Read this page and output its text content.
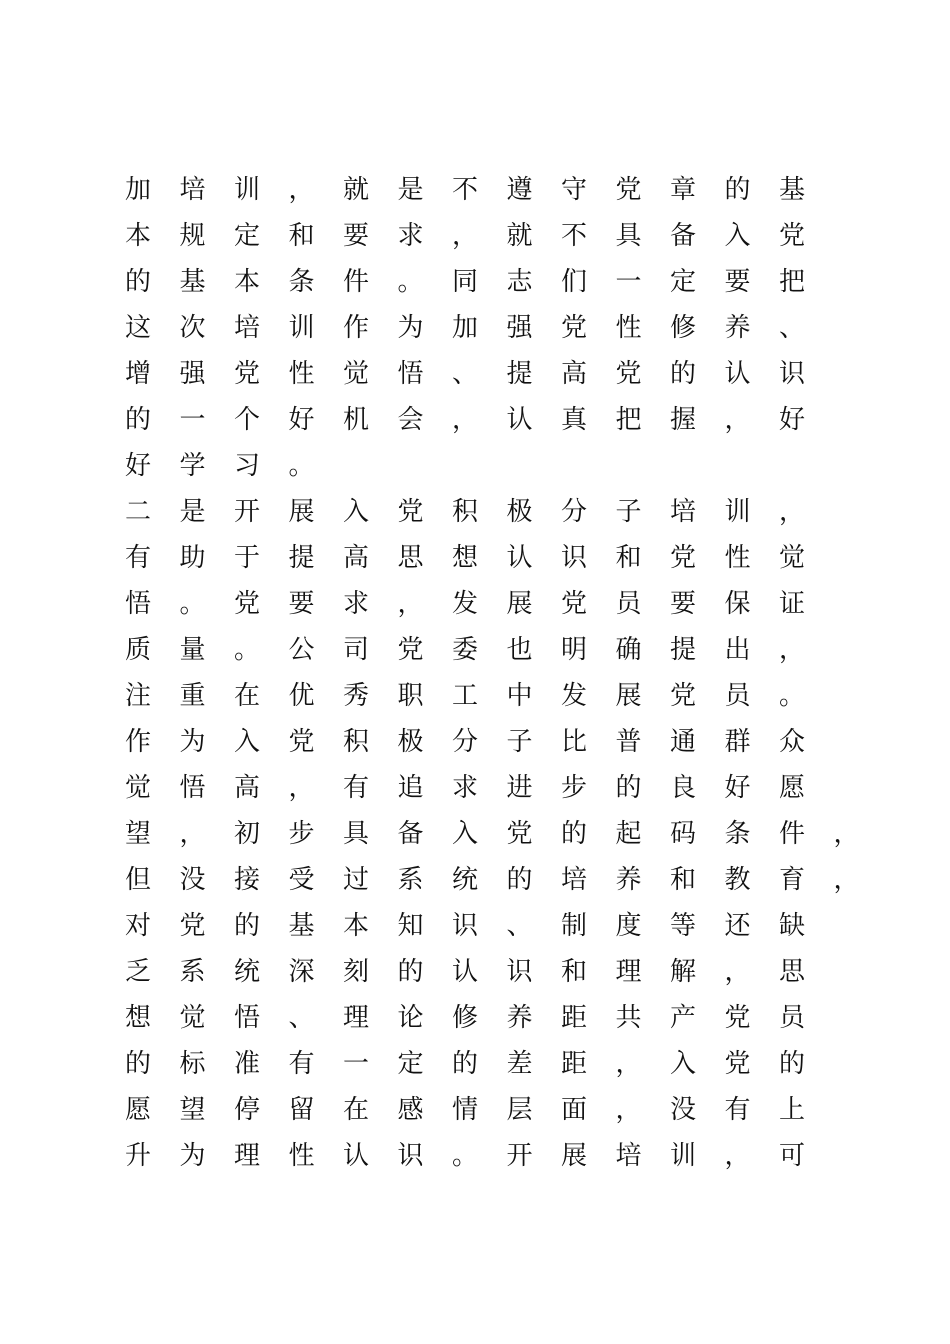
加 培 训 ， 就 是 不 遵 守 党 章 的 基
本 规 定 和 要 求 ， 就 不 具 备 入 党
的 基 本 条 件 。 同 志 们 一 定 要 把
这 次 培 训 作 为 加 强 党 性 修 养 、
增 强 党 性 觉 悟 、 提 高 党 的 认 识
的 一 个 好 机 会 ， 认 真 把 握 ， 好
好 学 习 。
二 是 开 展 入 党 积 极 分 子 培 训 ，
有 助 于 提 高 思 想 认 识 和 党 性 觉
悟 。 党 要 求 ， 发 展 党 员 要 保 证
质 量 。 公 司 党 委 也 明 确 提 出 ，
注 重 在 优 秀 职 工 中 发 展 党 员 。
作 为 入 党 积 极 分 子 比 普 通 群 众
觉 悟 高 ， 有 追 求 进 步 的 良 好 愿
望 ， 初 步 具 备 入 党 的 起 码 条 件 ，
但 没 接 受 过 系 统 的 培 养 和 教 育 ，
对 党 的 基 本 知 识 、 制 度 等 还 缺
乏 系 统 深 刻 的 认 识 和 理 解 ， 思
想 觉 悟 、 理 论 修 养 距 共 产 党 员
的 标 准 有 一 定 的 差 距 ， 入 党 的
愿 望 停 留 在 感 情 层 面 ， 没 有 上
升 为 理 性 认 识 。 开 展 培 训 ， 可
